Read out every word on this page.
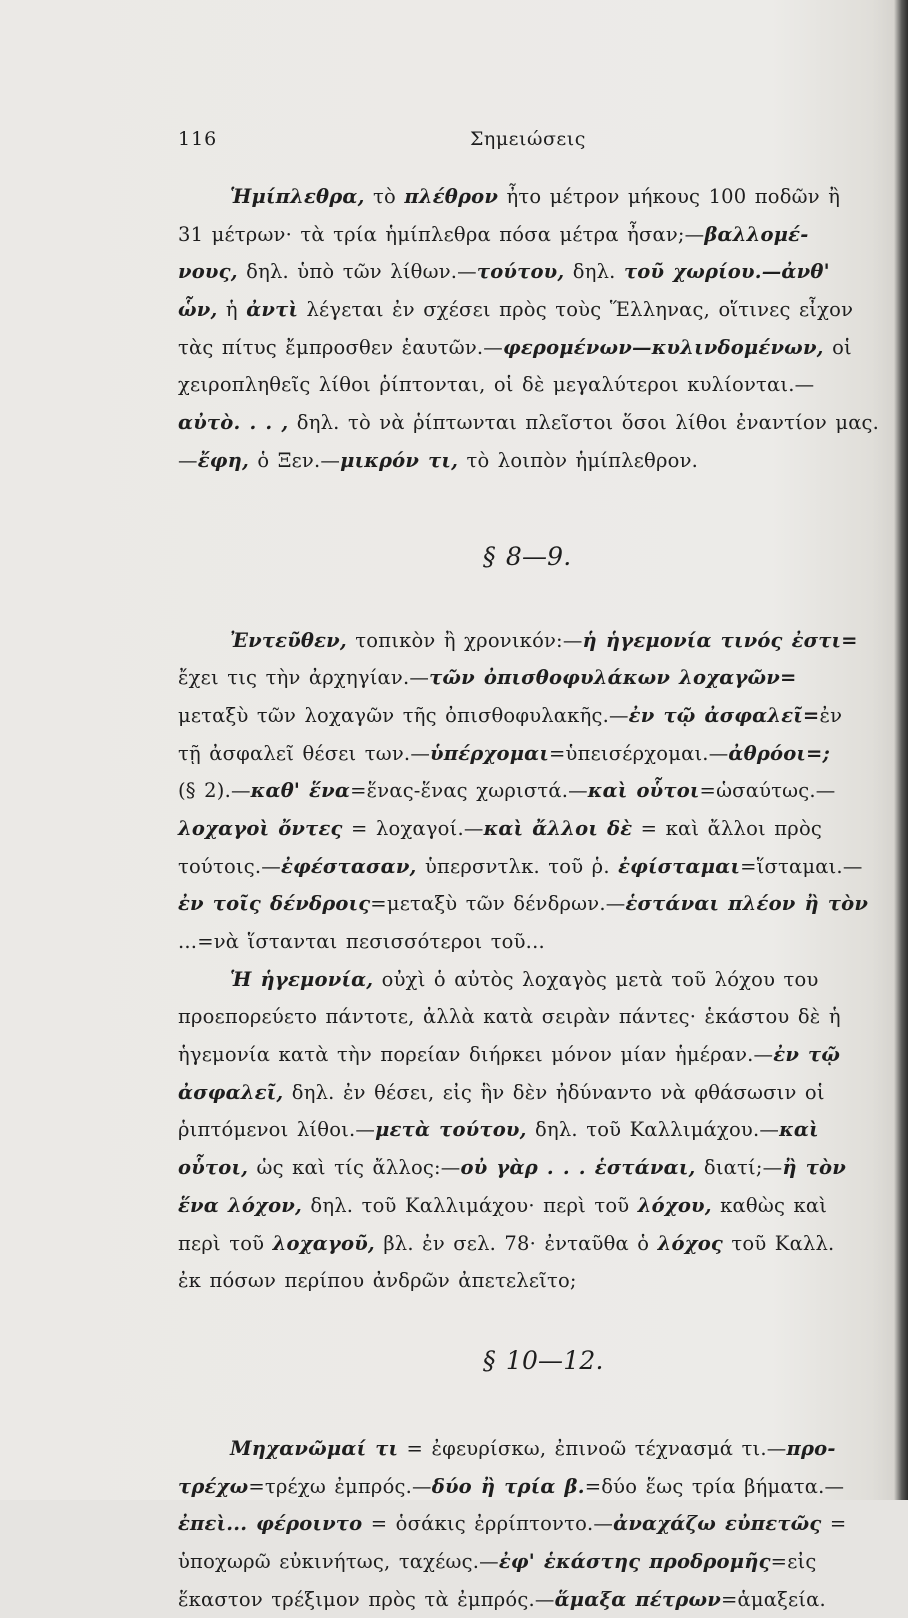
116	Σημειώσεις
Ἡμίπλεθρα, τὸ πλέθρον ἦτο μέτρον μήκους 100 ποδῶν ἢ
31 μέτρων· τὰ τρία ἡμίπλεθρα πόσα μέτρα ἦσαν;—βαλλομέ-
νους, δηλ. ὑπὸ τῶν λίθων.—τούτου, δηλ. τοῦ χωρίου.—ἀνθ'
ὧν, ἡ ἀντὶ λέγεται ἐν σχέσει πρὸς τοὺς Ἕλληνας, οἵτινες εἶχον
τὰς πίτυς ἔμπροσθεν ἑαυτῶν.—φερομένων—κυλινδομένων, οἱ
χειροπληθεῖς λίθοι ῥίπτονται, οἱ δὲ μεγαλύτεροι κυλίονται.—
αὐτὸ. . . , δηλ. τὸ νὰ ῥίπτωνται πλεῖστοι ὅσοι λίθοι ἐναντίον μας.
—ἔφη, ὁ Ξεν.—μικρόν τι, τὸ λοιπὸν ἡμίπλεθρον.
§ 8—9.
Ἐντεῦθεν, τοπικὸν ἢ χρονικόν:—ἡ ἡγεμονία τινός ἐστι=
ἔχει τις τὴν ἀρχηγίαν.—τῶν ὀπισθοφυλάκων λοχαγῶν=
μεταξὺ τῶν λοχαγῶν τῆς ὀπισθοφυλακῆς.—ἐν τῷ ἀσφαλεῖ=ἐν
τῇ ἀσφαλεῖ θέσει των.—ὑπέρχομαι=ὑπεισέρχομαι.—ἀθρόοι=;
(§ 2).—καθ' ἕνα=ἕνας-ἕνας χωριστά.—καὶ οὗτοι=ὡσαύτως.—
λοχαγοὶ ὄντες = λοχαγοί.—καὶ ἄλλοι δὲ = καὶ ἄλλοι πρὸς
τούτοις.—ἐφέστασαν, ὑπερσντλκ. τοῦ ῥ. ἐφίσταμαι=ἵσταμαι.—
ἐν τοῖς δένδροις=μεταξὺ τῶν δένδρων.—ἑστάναι πλέον ἢ τὸν
...=νὰ ἵστανται πεσισσότεροι τοῦ...
Ἡ ἡγεμονία, οὐχὶ ὁ αὐτὸς λοχαγὸς μετὰ τοῦ λόχου του
προεπορεύετο πάντοτε, ἀλλὰ κατὰ σειρὰν πάντες· ἑκάστου δὲ ἡ
ἡγεμονία κατὰ τὴν πορείαν διήρκει μόνον μίαν ἡμέραν.—ἐν τῷ
ἀσφαλεῖ, δηλ. ἐν θέσει, εἰς ἣν δὲν ἠδύναντο νὰ φθάσωσιν οἱ
ῥιπτόμενοι λίθοι.—μετὰ τούτου, δηλ. τοῦ Καλλιμάχου.—καὶ
οὗτοι, ὡς καὶ τίς ἄλλος:—οὐ γὰρ . . . ἑστάναι, διατί;—ἢ τὸν
ἕνα λόχον, δηλ. τοῦ Καλλιμάχου· περὶ τοῦ λόχου, καθὼς καὶ
περὶ τοῦ λοχαγοῦ, βλ. ἐν σελ. 78· ἐνταῦθα ὁ λόχος τοῦ Καλλ.
ἐκ πόσων περίπου ἀνδρῶν ἀπετελεῖτο;
§ 10—12.
Μηχανῶμαί τι = ἐφευρίσκω, ἐπινοῶ τέχνασμά τι.—προ-
τρέχω=τρέχω ἐμπρός.—δύο ἢ τρία β.=δύο ἕως τρία βήματα.—
ἐπεὶ... φέροιντο = ὁσάκις ἐρρίπτοντο.—ἀναχάζω εὐπετῶς =
ὑποχωρῶ εὐκινήτως, ταχέως.—ἐφ' ἑκάστης προδρομῆς=εἰς
ἕκαστον τρέξιμον πρὸς τὰ ἐμπρός.—ἅμαξα πέτρων=ἁμαξεία.
